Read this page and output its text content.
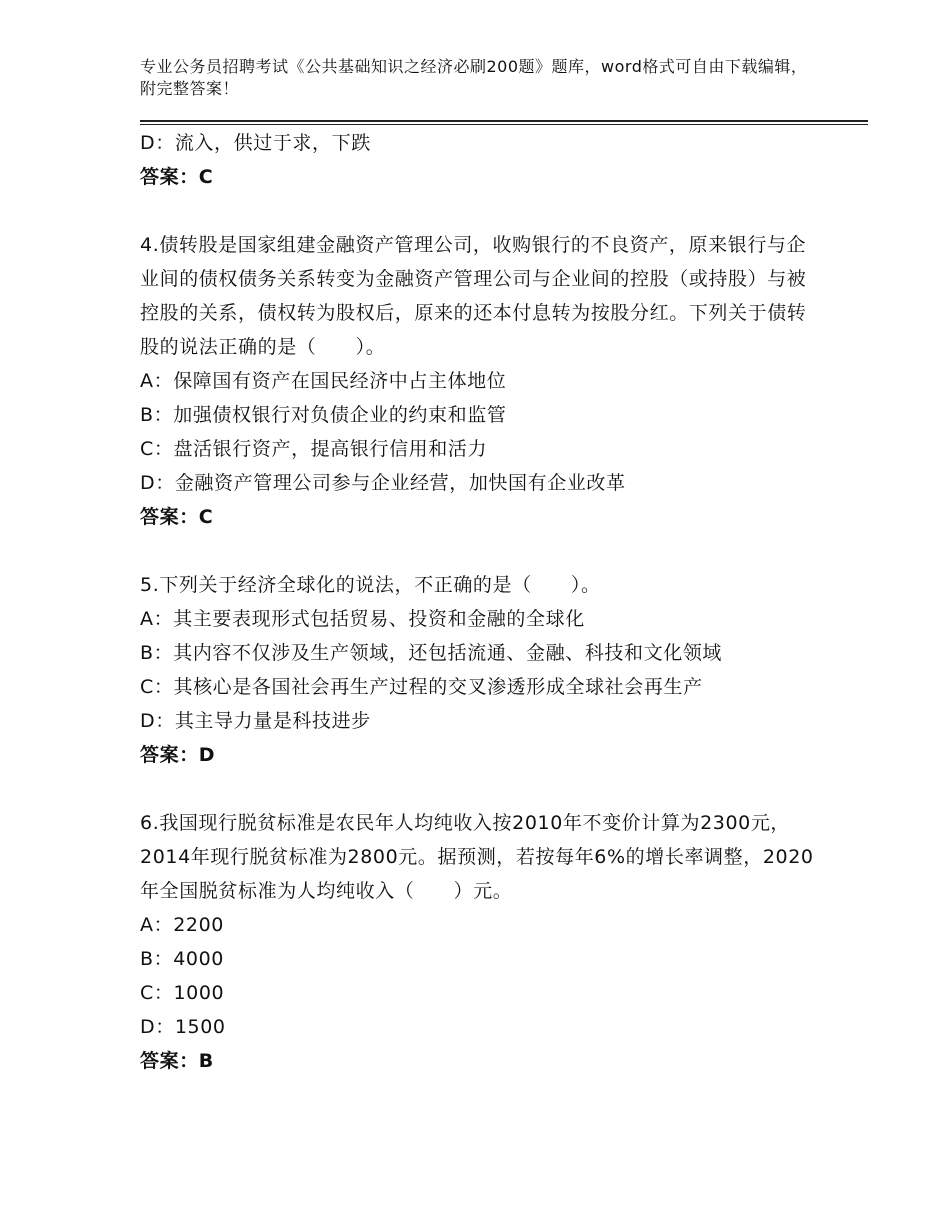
专业公务员招聘考试《公共基础知识之经济必刷200题》题库，word格式可自由下载编辑，附完整答案！
D：流入，供过于求，下跌
答案：C
4.债转股是国家组建金融资产管理公司，收购银行的不良资产，原来银行与企业间的债权债务关系转变为金融资产管理公司与企业间的控股（或持股）与被控股的关系，债权转为股权后，原来的还本付息转为按股分红。下列关于债转股的说法正确的是（　　）。
A：保障国有资产在国民经济中占主体地位
B：加强债权银行对负债企业的约束和监管
C：盘活银行资产，提高银行信用和活力
D：金融资产管理公司参与企业经营，加快国有企业改革
答案：C
5.下列关于经济全球化的说法，不正确的是（　　）。
A：其主要表现形式包括贸易、投资和金融的全球化
B：其内容不仅涉及生产领域，还包括流通、金融、科技和文化领域
C：其核心是各国社会再生产过程的交叉渗透形成全球社会再生产
D：其主导力量是科技进步
答案：D
6.我国现行脱贫标准是农民年人均纯收入按2010年不变价计算为2300元，2014年现行脱贫标准为2800元。据预测，若按每年6%的增长率调整，2020年全国脱贫标准为人均纯收入（　　）元。
A：2200
B：4000
C：1000
D：1500
答案：B
